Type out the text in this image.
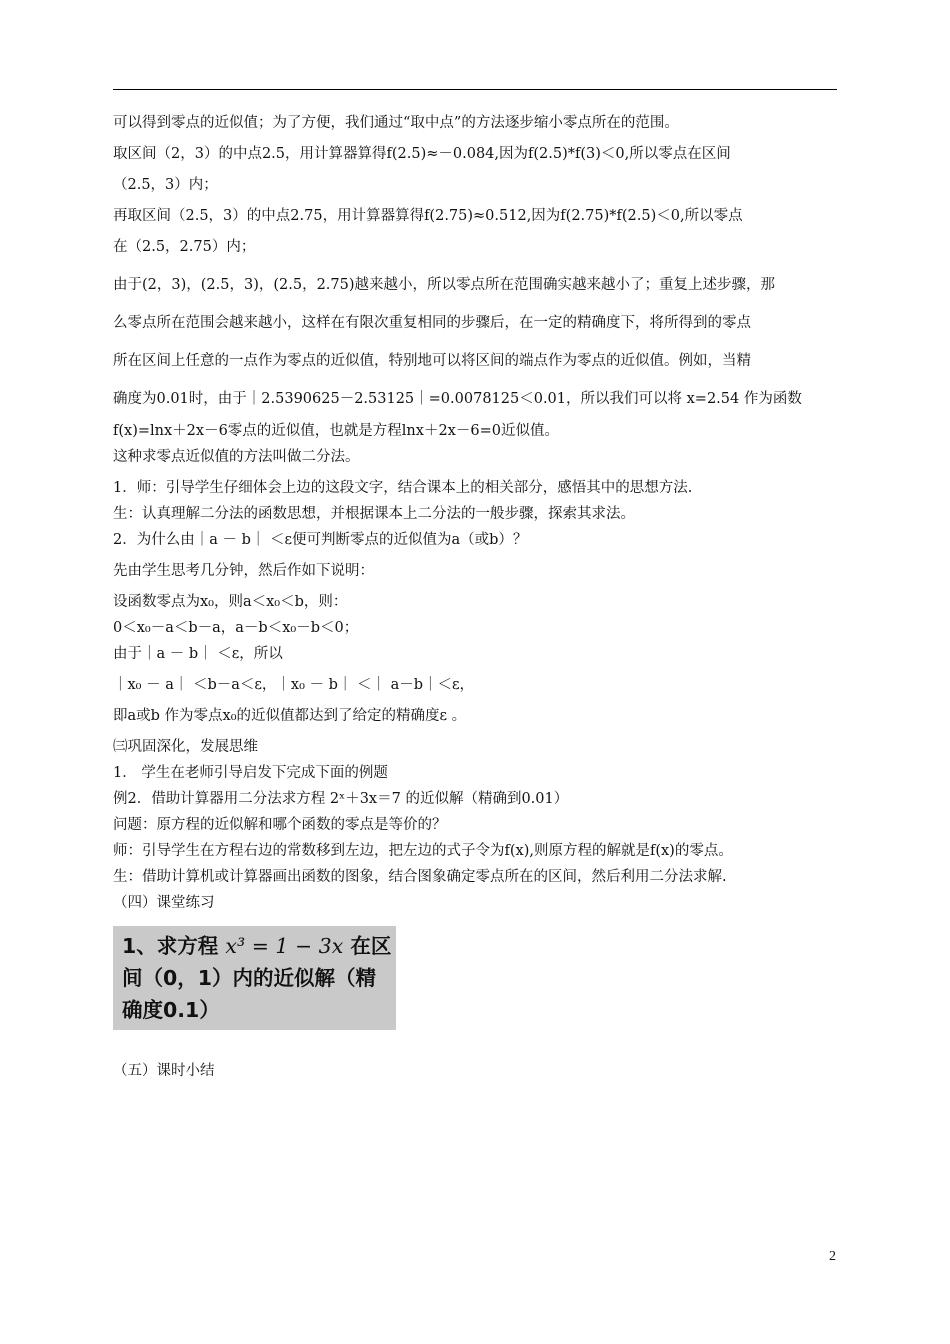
可以得到零点的近似值；为了方便，我们通过“取中点”的方法逐步缩小零点所在的范围。

取区间（2，3）的中点2.5，用计算器算得f(2.5)≈－0.084,因为f(2.5)*f(3)＜0,所以零点在区间

（2.5，3）内；

再取区间（2.5，3）的中点2.75，用计算器算得f(2.75)≈0.512,因为f(2.75)*f(2.5)＜0,所以零点

在（2.5，2.75）内；

由于(2，3)，(2.5，3)，(2.5，2.75)越来越小，所以零点所在范围确实越来越小了；重复上述步骤，那

么零点所在范围会越来越小，这样在有限次重复相同的步骤后，在一定的精确度下，将所得到的零点

所在区间上任意的一点作为零点的近似值，特别地可以将区间的端点作为零点的近似值。例如，当精

确度为0.01时，由于｜2.5390625－2.53125｜=0.0078125＜0.01，所以我们可以将 x=2.54 作为函数

f(x)=lnx＋2x－6零点的近似值，也就是方程lnx＋2x－6=0近似值。

这种求零点近似值的方法叫做二分法。

1．师：引导学生仔细体会上边的这段文字，结合课本上的相关部分，感悟其中的思想方法.

生：认真理解二分法的函数思想，并根据课本上二分法的一般步骤，探索其求法。

2．为什么由｜a － b｜ ＜ε便可判断零点的近似值为a（或b）？

先由学生思考几分钟，然后作如下说明：

设函数零点为x₀，则a＜x₀＜b，则：

0＜x₀－a＜b－a，a－b＜x₀－b＜0；

由于｜a － b｜ ＜ε，所以

｜x₀ － a｜ ＜b－a＜ε，｜x₀ － b｜ ＜｜ a－b｜＜ε，

即a或b 作为零点x₀的近似值都达到了给定的精确度ε 。

㈢巩固深化，发展思维

1． 学生在老师引导启发下完成下面的例题

例2．借助计算器用二分法求方程 2ˣ＋3x＝7 的近似解（精确到0.01）

问题：原方程的近似解和哪个函数的零点是等价的？

师：引导学生在方程右边的常数移到左边，把左边的式子令为f(x),则原方程的解就是f(x)的零点。

生：借助计算机或计算器画出函数的图象，结合图象确定零点所在的区间，然后利用二分法求解.

（四）课堂练习

1、求方程 x³ = 1 − 3x 在区
间（0，1）内的近似解（精
确度0.1）

（五）课时小结

2
